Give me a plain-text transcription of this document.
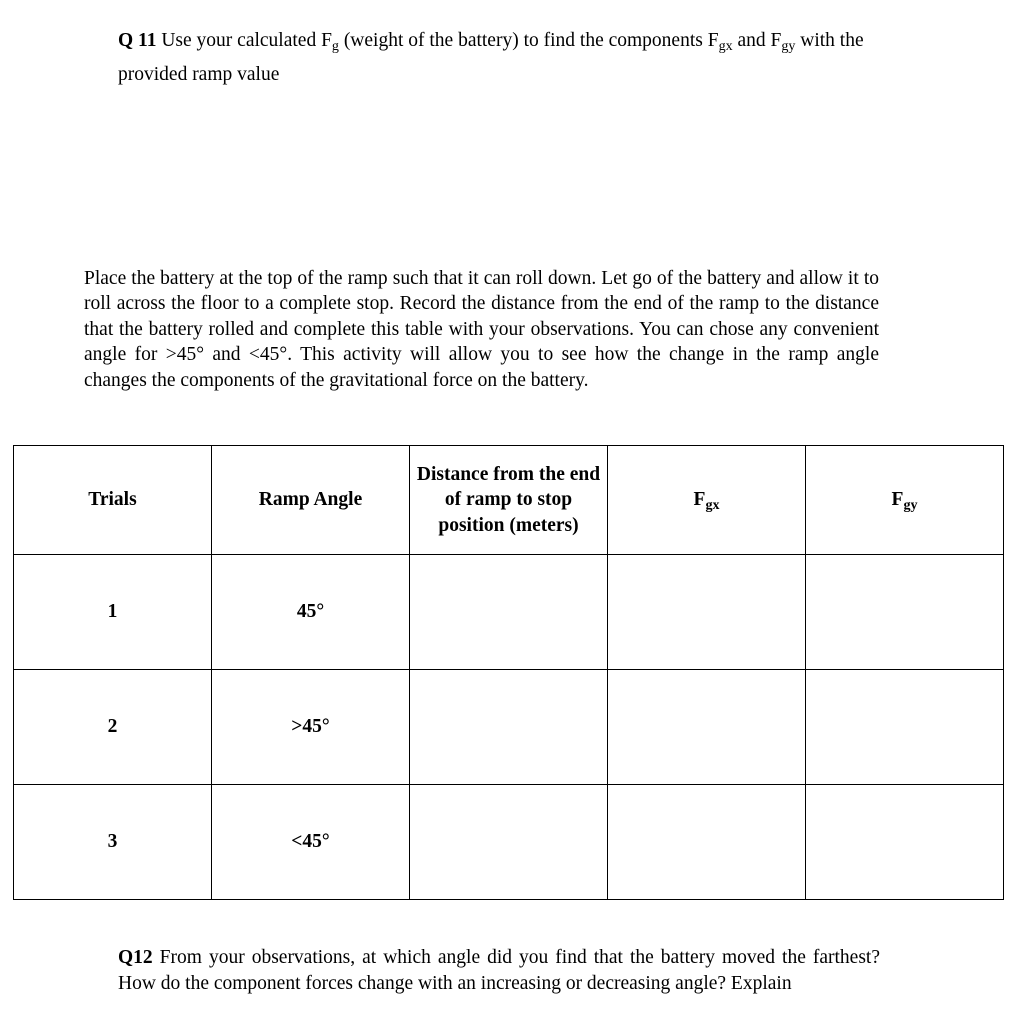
Q 11 Use your calculated $F_g$ (weight of the battery) to find the components $F_{gx}$ and $F_{gy}$ with the provided ramp value

Place the battery at the top of the ramp such that it can roll down. Let go of the battery and allow it to roll across the floor to a complete stop. Record the distance from the end of the ramp to the distance that the battery rolled and complete this table with your observations. You can chose any convenient angle for >45° and <45°. This activity will allow you to see how the change in the ramp angle changes the components of the gravitational force on the battery.

Trials	Ramp Angle	Distance from the end of ramp to stop position (meters)	$F_{gx}$	$F_{gy}$
1	45°			
2	>45°			
3	<45°			

Q12 From your observations, at which angle did you find that the battery moved the farthest? How do the component forces change with an increasing or decreasing angle? Explain
